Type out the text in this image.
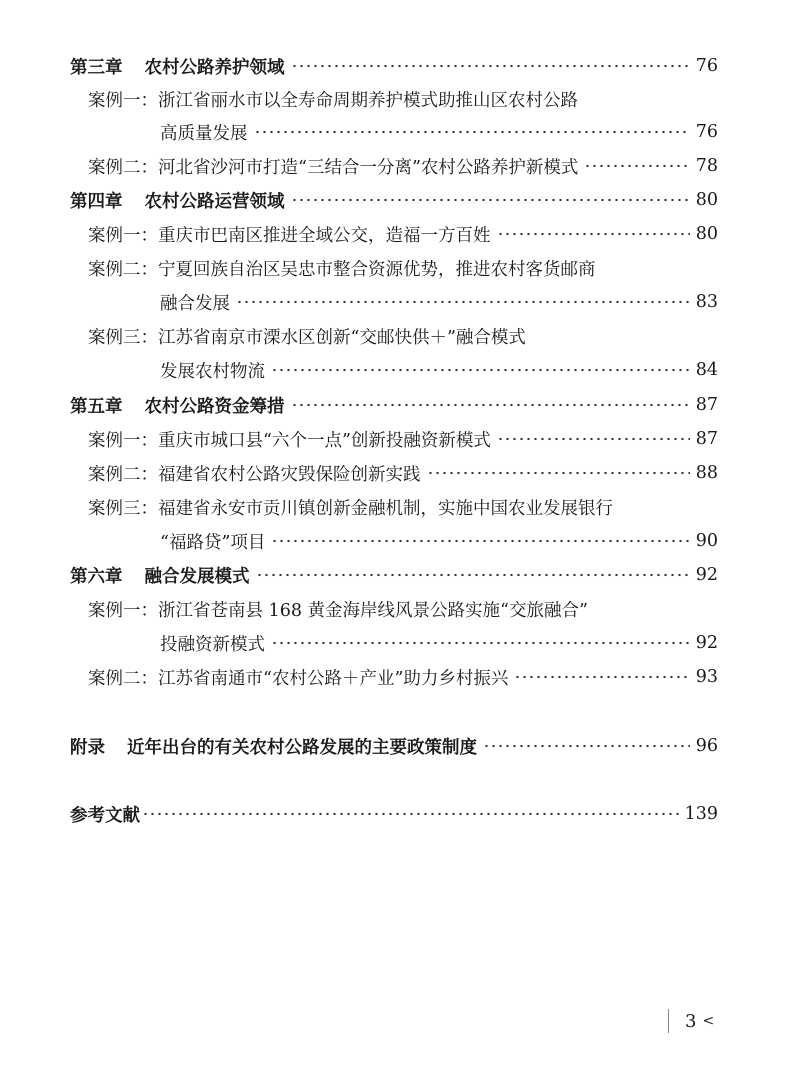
第三章 农村公路养护领域	76
案例一： 浙江省丽水市以全寿命周期养护模式助推山区农村公路
高质量发展	76
案例二： 河北省沙河市打造“三结合一分离”农村公路养护新模式	78
第四章 农村公路运营领域	80
案例一： 重庆市巴南区推进全域公交，造福一方百姓	80
案例二： 宁夏回族自治区吴忠市整合资源优势，推进农村客货邮商
融合发展	83
案例三： 江苏省南京市溧水区创新“交邮快供＋”融合模式
发展农村物流	84
第五章 农村公路资金筹措	87
案例一： 重庆市城口县“六个一点”创新投融资新模式	87
案例二： 福建省农村公路灾毁保险创新实践	88
案例三： 福建省永安市贡川镇创新金融机制，实施中国农业发展银行
“福路贷”项目	90
第六章 融合发展模式	92
案例一： 浙江省苍南县 168 黄金海岸线风景公路实施“交旅融合”
投融资新模式	92
案例二： 江苏省南通市“农村公路＋产业”助力乡村振兴	93
附录 近年出台的有关农村公路发展的主要政策制度	96
参考文献	139
3 <
